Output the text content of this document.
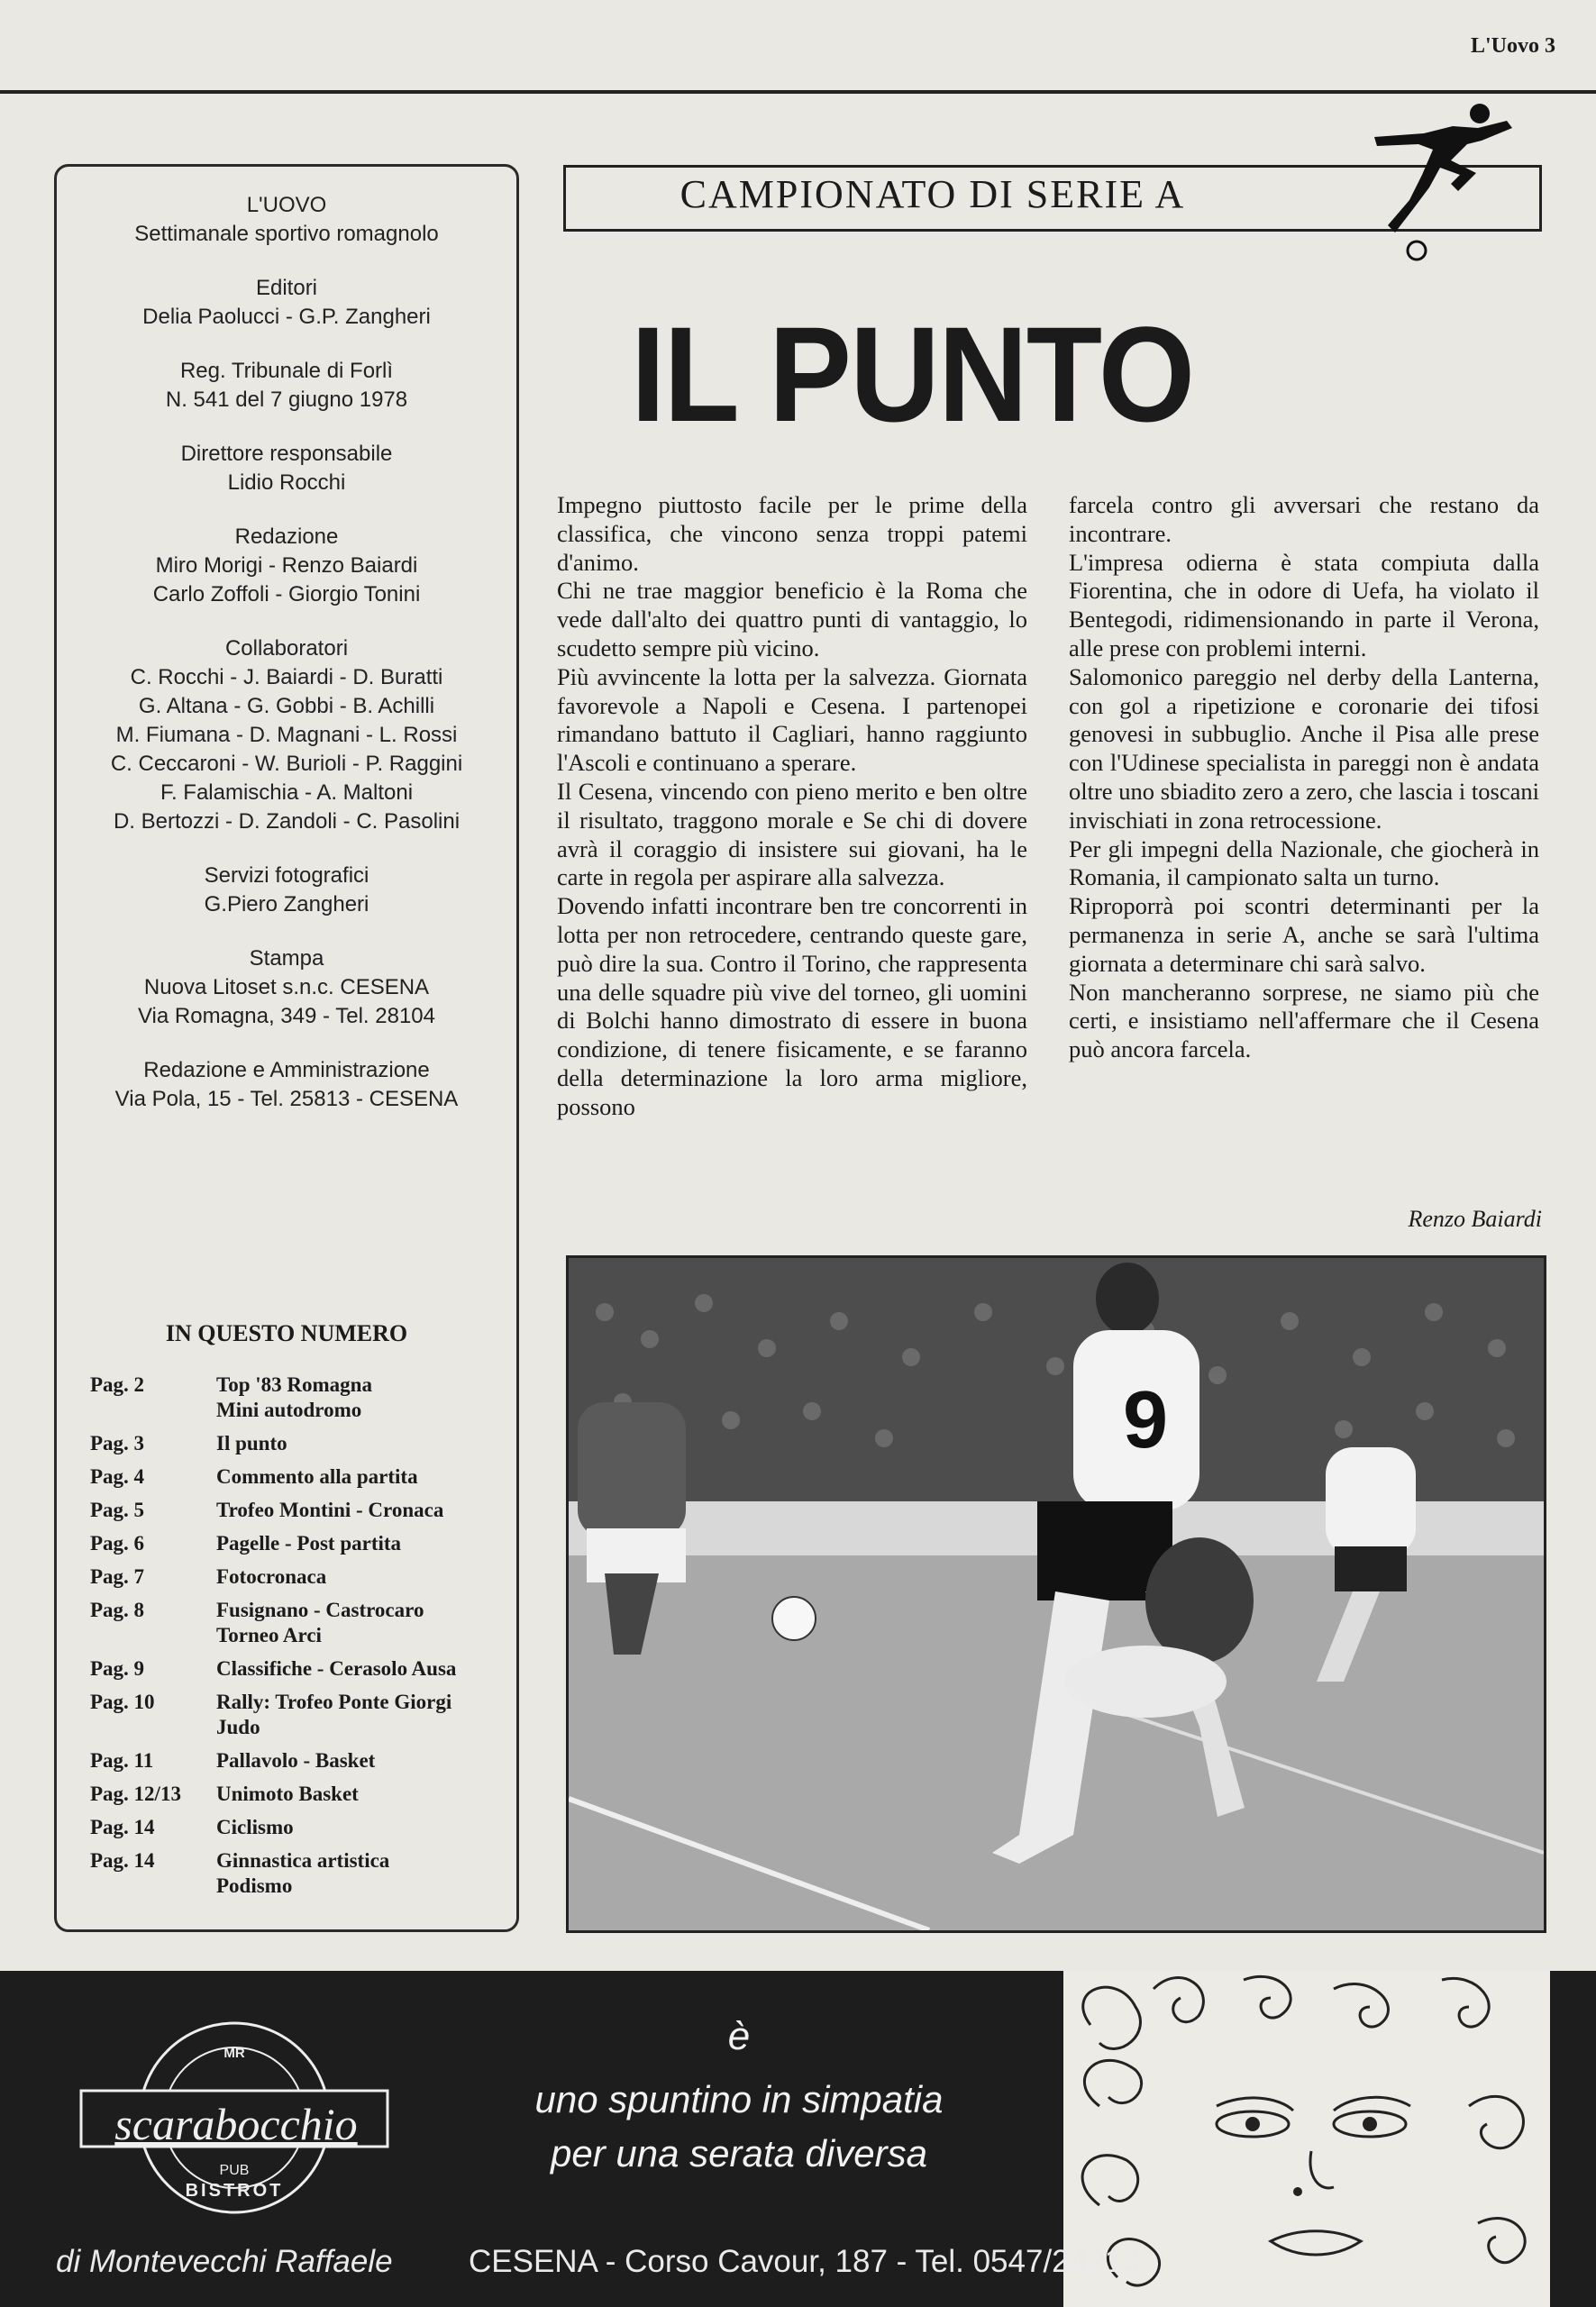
L'Uovo 3
L'UOVO
Settimanale sportivo romagnolo
Editori
Delia Paolucci - G.P. Zangheri
Reg. Tribunale di Forlì
N. 541 del 7 giugno 1978
Direttore responsabile
Lidio Rocchi
Redazione
Miro Morigi - Renzo Baiardi
Carlo Zoffoli - Giorgio Tonini
Collaboratori
C. Rocchi - J. Baiardi - D. Buratti
G. Altana - G. Gobbi - B. Achilli
M. Fiumana - D. Magnani - L. Rossi
C. Ceccaroni - W. Burioli - P. Raggini
F. Falamischia - A. Maltoni
D. Bertozzi - D. Zandoli - C. Pasolini
Servizi fotografici
G.Piero Zangheri
Stampa
Nuova Litoset s.n.c. CESENA
Via Romagna, 349 - Tel. 28104
Redazione e Amministrazione
Via Pola, 15 - Tel. 25813 - CESENA
IN QUESTO NUMERO
Pag. 2	Top '83 Romagna
Mini autodromo
Pag. 3	Il punto
Pag. 4	Commento alla partita
Pag. 5	Trofeo Montini - Cronaca
Pag. 6	Pagelle - Post partita
Pag. 7	Fotocronaca
Pag. 8	Fusignano - Castrocaro
Torneo Arci
Pag. 9	Classifiche - Cerasolo Ausa
Pag. 10	Rally: Trofeo Ponte Giorgi
Judo
Pag. 11	Pallavolo - Basket
Pag. 12/13	Unimoto Basket
Pag. 14	Ciclismo
Pag. 14	Ginnastica artistica
Podismo
CAMPIONATO DI SERIE A
IL PUNTO

Impegno piuttosto facile per le prime della classifica, che vincono senza troppi patemi d'animo.

Chi ne trae maggior beneficio è la Roma che vede dall'alto dei quattro punti di vantaggio, lo scudetto sempre più vicino.

Più avvincente la lotta per la salvezza. Giornata favorevole a Napoli e Cesena. I partenopei rimandano battuto il Cagliari, hanno raggiunto l'Ascoli e continuano a sperare.

Il Cesena, vincendo con pieno merito e ben oltre il risultato, traggono morale e Se chi di dovere avrà il coraggio di insistere sui giovani, ha le carte in regola per aspirare alla salvezza.

Dovendo infatti incontrare ben tre concorrenti in lotta per non retrocedere, centrando queste gare, può dire la sua. Contro il Torino, che rappresenta una delle squadre più vive del torneo, gli uomini di Bolchi hanno dimostrato di essere in buona condizione, di tenere fisicamente, e se faranno della determinazione la loro arma migliore, possono

farcela contro gli avversari che restano da incontrare.

L'impresa odierna è stata compiuta dalla Fiorentina, che in odore di Uefa, ha violato il Bentegodi, ridimensionando in parte il Verona, alle prese con problemi interni.

Salomonico pareggio nel derby della Lanterna, con gol a ripetizione e coronarie dei tifosi genovesi in subbuglio. Anche il Pisa alle prese con l'Udinese specialista in pareggi non è andata oltre uno sbiadito zero a zero, che lascia i toscani invischiati in zona retrocessione.

Per gli impegni della Nazionale, che giocherà in Romania, il campionato salta un turno.

Riproporrà poi scontri determinanti per la permanenza in serie A, anche se sarà l'ultima giornata a determinare chi sarà salvo.

Non mancheranno sorprese, ne siamo più che certi, e insistiamo nell'affermare che il Cesena può ancora farcela.

Renzo Baiardi
9
MR
scarabocchio
PUB
BISTROT
è
uno spuntino in simpatia
per una serata diversa
di Montevecchi Raffaele CESENA - Corso Cavour, 187 - Tel. 0547/24213
